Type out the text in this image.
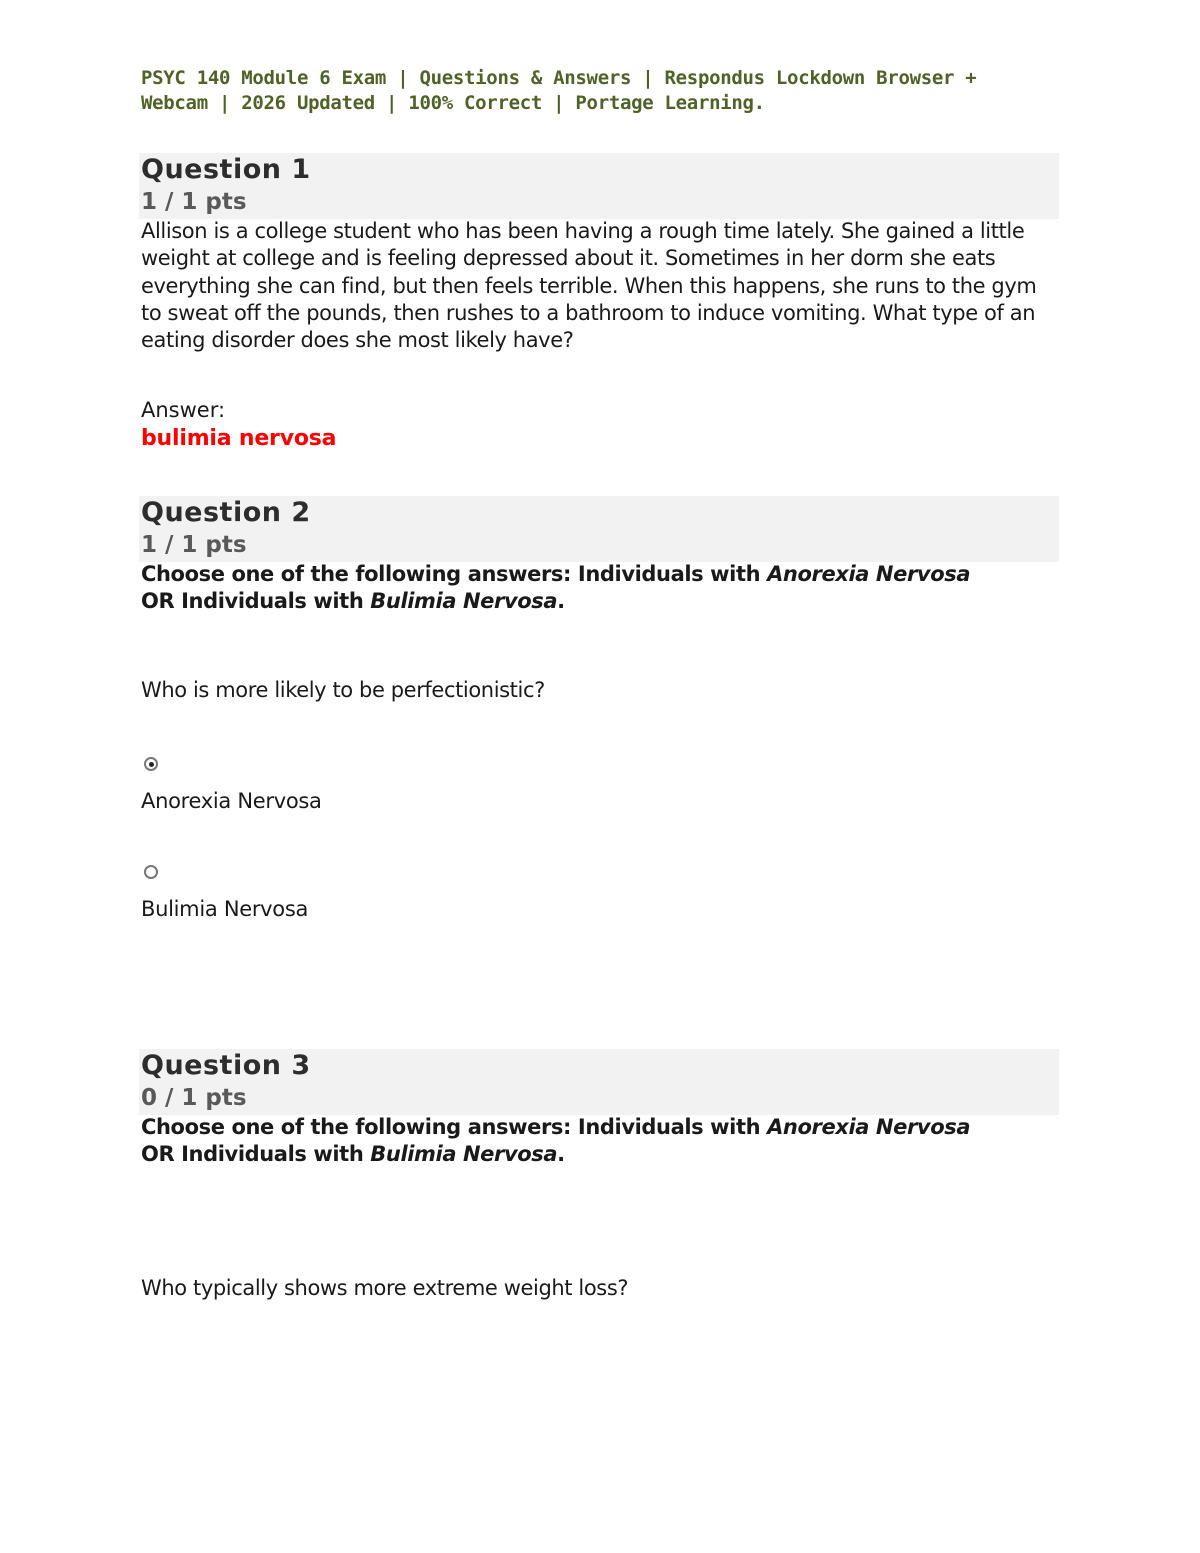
PSYC 140 Module 6 Exam | Questions & Answers | Respondus Lockdown Browser + Webcam | 2026 Updated | 100% Correct | Portage Learning.
Question 1
1 / 1 pts
Allison is a college student who has been having a rough time lately. She gained a little weight at college and is feeling depressed about it. Sometimes in her dorm she eats everything she can find, but then feels terrible. When this happens, she runs to the gym to sweat off the pounds, then rushes to a bathroom to induce vomiting. What type of an eating disorder does she most likely have?
Answer:
bulimia nervosa
Question 2
1 / 1 pts
Choose one of the following answers: Individuals with Anorexia Nervosa OR Individuals with Bulimia Nervosa.
Who is more likely to be perfectionistic?
Anorexia Nervosa
Bulimia Nervosa
Question 3
0 / 1 pts
Choose one of the following answers: Individuals with Anorexia Nervosa OR Individuals with Bulimia Nervosa.
Who typically shows more extreme weight loss?
